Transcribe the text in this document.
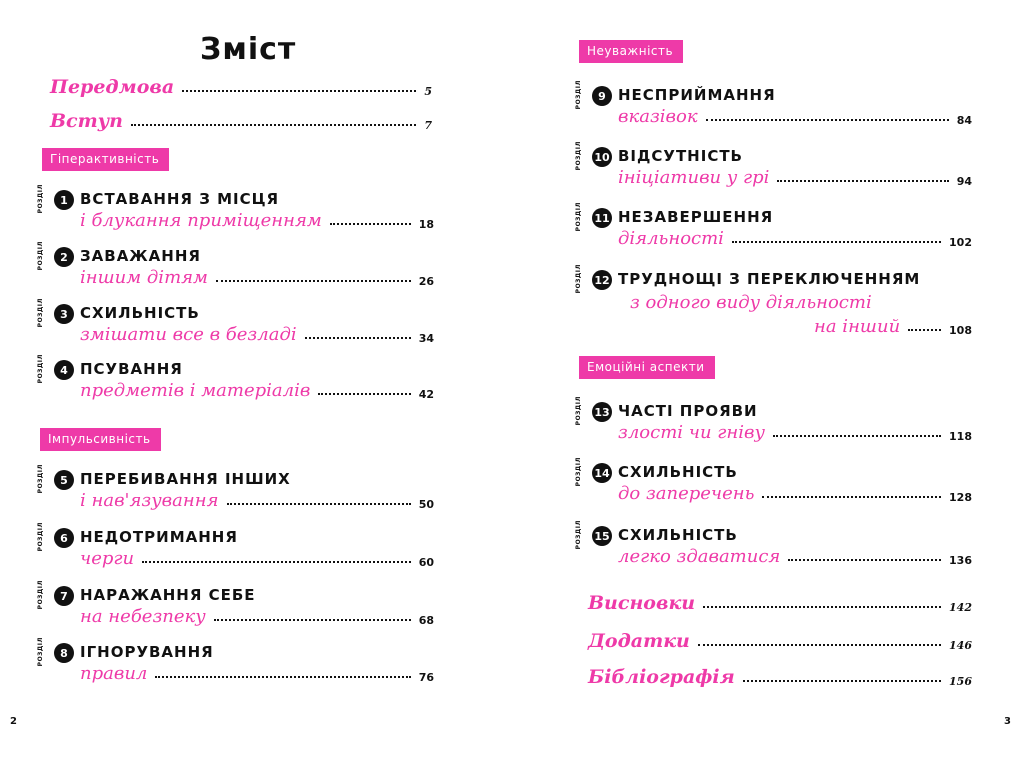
Зміст
Передмова	5
Вступ	7
Гіперактивність
РОЗДІЛ	1 ВСТАВАННЯ З МІСЦЯ
і блукання приміщенням	18
РОЗДІЛ	2 ЗАВАЖАННЯ
іншим дітям	26
РОЗДІЛ	3 СХИЛЬНІСТЬ
змішати все в безладі	34
РОЗДІЛ	4 ПСУВАННЯ
предметів і матеріалів	42
Імпульсивність
РОЗДІЛ	5 ПЕРЕБИВАННЯ ІНШИХ
і нав'язування	50
РОЗДІЛ	6 НЕДОТРИМАННЯ
черги	60
РОЗДІЛ	7 НАРАЖАННЯ СЕБЕ
на небезпеку	68
РОЗДІЛ	8 ІГНОРУВАННЯ
правил	76
2
Неуважність
РОЗДІЛ	9 НЕСПРИЙМАННЯ
вказівок	84
РОЗДІЛ 10 ВІДСУТНІСТЬ
ініціативи у грі	94
РОЗДІЛ 11 НЕЗАВЕРШЕННЯ
діяльності	102
РОЗДІЛ 12 ТРУДНОЩІ З ПЕРЕКЛЮЧЕННЯМ
з одного виду діяльності
на інший	108
Емоційні аспекти
РОЗДІЛ 13 ЧАСТІ ПРОЯВИ
злості чи гніву	118
РОЗДІЛ 14 СХИЛЬНІСТЬ
до заперечень	128
РОЗДІЛ 15 СХИЛЬНІСТЬ
легко здаватися	136
Висновки	142
Додатки	146
Бібліографія	156
3
